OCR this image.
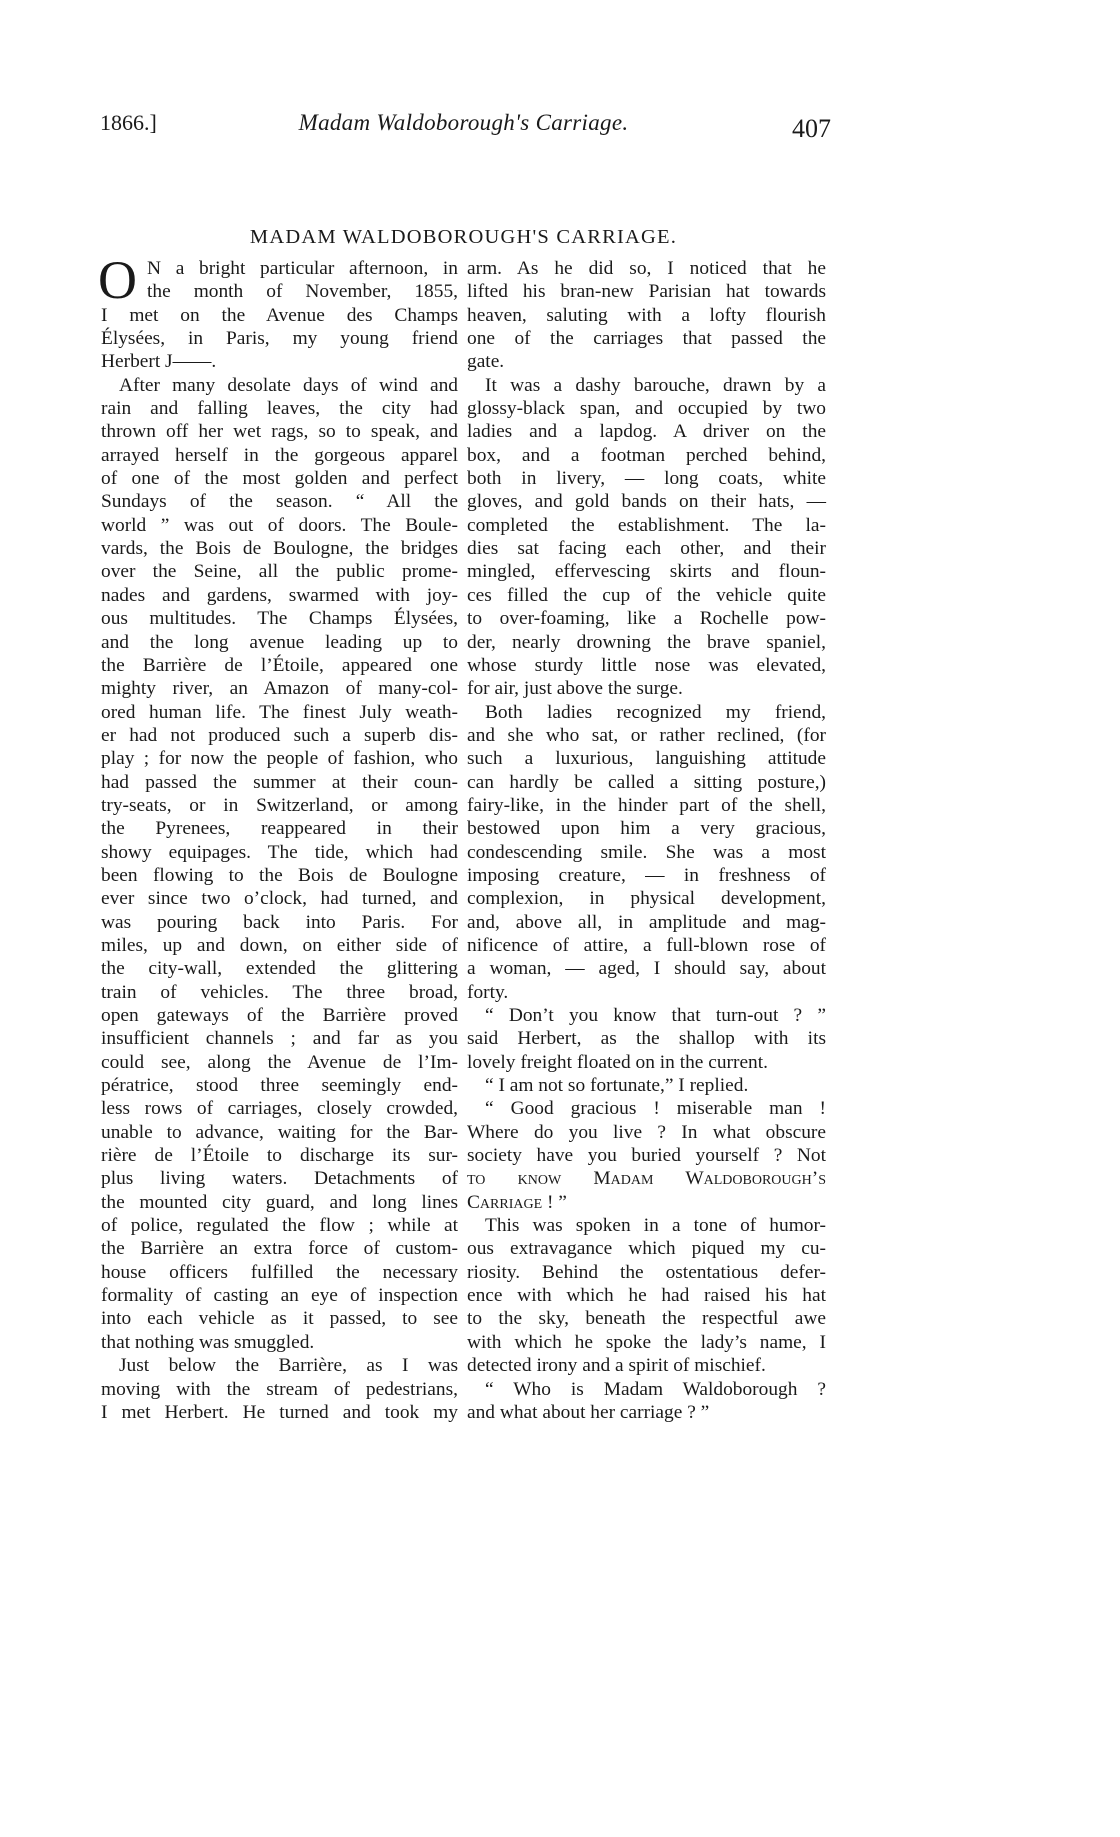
1866.]	Madam Waldoborough's Carriage.	407
MADAM WALDOBOROUGH'S CARRIAGE.
O N a bright particular afternoon, in
the month of November, 1855,
I met on the Avenue des Champs
Élysées, in Paris, my young friend
Herbert J——.
After many desolate days of wind and
rain and falling leaves, the city had
thrown off her wet rags, so to speak, and
arrayed herself in the gorgeous apparel
of one of the most golden and perfect
Sundays of the season. “ All the
world ” was out of doors. The Boule-
vards, the Bois de Boulogne, the bridges
over the Seine, all the public prome-
nades and gardens, swarmed with joy-
ous multitudes. The Champs Élysées,
and the long avenue leading up to
the Barrière de l’Étoile, appeared one
mighty river, an Amazon of many-col-
ored human life. The finest July weath-
er had not produced such a superb dis-
play ; for now the people of fashion, who
had passed the summer at their coun-
try-seats, or in Switzerland, or among
the Pyrenees, reappeared in their
showy equipages. The tide, which had
been flowing to the Bois de Boulogne
ever since two o’clock, had turned, and
was pouring back into Paris. For
miles, up and down, on either side of
the city-wall, extended the glittering
train of vehicles. The three broad,
open gateways of the Barrière proved
insufficient channels ; and far as you
could see, along the Avenue de l’Im-
pératrice, stood three seemingly end-
less rows of carriages, closely crowded,
unable to advance, waiting for the Bar-
rière de l’Étoile to discharge its sur-
plus living waters. Detachments of
the mounted city guard, and long lines
of police, regulated the flow ; while at
the Barrière an extra force of custom-
house officers fulfilled the necessary
formality of casting an eye of inspection
into each vehicle as it passed, to see
that nothing was smuggled.
Just below the Barrière, as I was
moving with the stream of pedestrians,
I met Herbert. He turned and took my
arm. As he did so, I noticed that he
lifted his bran-new Parisian hat towards
heaven, saluting with a lofty flourish
one of the carriages that passed the
gate.
It was a dashy barouche, drawn by a
glossy-black span, and occupied by two
ladies and a lapdog. A driver on the
box, and a footman perched behind,
both in livery, — long coats, white
gloves, and gold bands on their hats, —
completed the establishment. The la-
dies sat facing each other, and their
mingled, effervescing skirts and floun-
ces filled the cup of the vehicle quite
to over-foaming, like a Rochelle pow-
der, nearly drowning the brave spaniel,
whose sturdy little nose was elevated,
for air, just above the surge.
Both ladies recognized my friend,
and she who sat, or rather reclined, (for
such a luxurious, languishing attitude
can hardly be called a sitting posture,)
fairy-like, in the hinder part of the shell,
bestowed upon him a very gracious,
condescending smile. She was a most
imposing creature, — in freshness of
complexion, in physical development,
and, above all, in amplitude and mag-
nificence of attire, a full-blown rose of
a woman, — aged, I should say, about
forty.
“ Don’t you know that turn-out ? ”
said Herbert, as the shallop with its
lovely freight floated on in the current.
“ I am not so fortunate,” I replied.
“ Good gracious ! miserable man !
Where do you live ? In what obscure
society have you buried yourself ? Not
to know Madam Waldoborough’s
Carriage ! ”
This was spoken in a tone of humor-
ous extravagance which piqued my cu-
riosity. Behind the ostentatious defer-
ence with which he had raised his hat
to the sky, beneath the respectful awe
with which he spoke the lady’s name, I
detected irony and a spirit of mischief.
“ Who is Madam Waldoborough ?
and what about her carriage ? ”
